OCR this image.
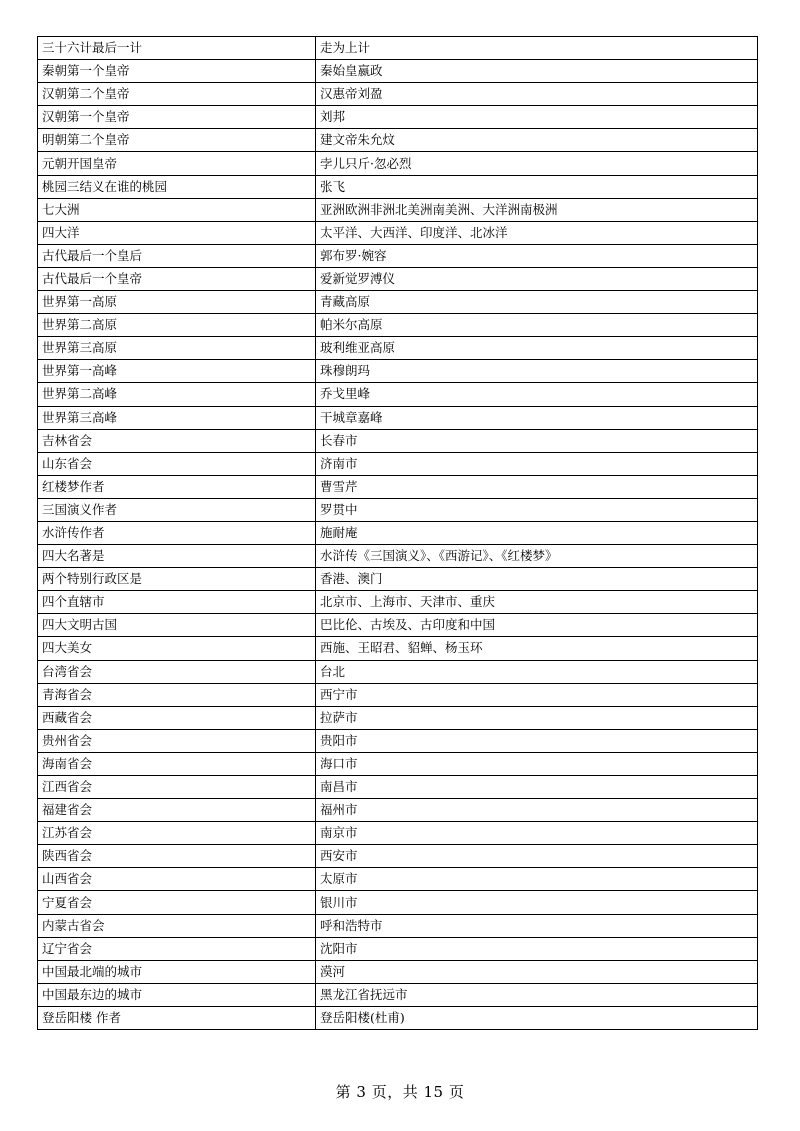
三十六计最后一计	走为上计
秦朝第一个皇帝	秦始皇嬴政
汉朝第二个皇帝	汉惠帝刘盈
汉朝第一个皇帝	刘邦
明朝第二个皇帝	建文帝朱允炆
元朝开国皇帝	孛儿只斤·忽必烈
桃园三结义在谁的桃园	张飞
七大洲	亚洲欧洲非洲北美洲南美洲、大洋洲南极洲
四大洋	太平洋、大西洋、印度洋、北冰洋
古代最后一个皇后	郭布罗·婉容
古代最后一个皇帝	爱新觉罗溥仪
世界第一高原	青藏高原
世界第二高原	帕米尔高原
世界第三高原	玻利维亚高原
世界第一高峰	珠穆朗玛
世界第二高峰	乔戈里峰
世界第三高峰	干城章嘉峰
吉林省会	长春市
山东省会	济南市
红楼梦作者	曹雪芹
三国演义作者	罗贯中
水浒传作者	施耐庵
四大名著是	水浒传《三国演义》、《西游记》、《红楼梦》
两个特别行政区是	香港、澳门
四个直辖市	北京市、上海市、天津市、重庆
四大文明古国	巴比伦、古埃及、古印度和中国
四大美女	西施、王昭君、貂蝉、杨玉环
台湾省会	台北
青海省会	西宁市
西藏省会	拉萨市
贵州省会	贵阳市
海南省会	海口市
江西省会	南昌市
福建省会	福州市
江苏省会	南京市
陕西省会	西安市
山西省会	太原市
宁夏省会	银川市
内蒙古省会	呼和浩特市
辽宁省会	沈阳市
中国最北端的城市	漠河
中国最东边的城市	黑龙江省抚远市
登岳阳楼 作者	登岳阳楼(杜甫)
第 3 页，共 15 页
